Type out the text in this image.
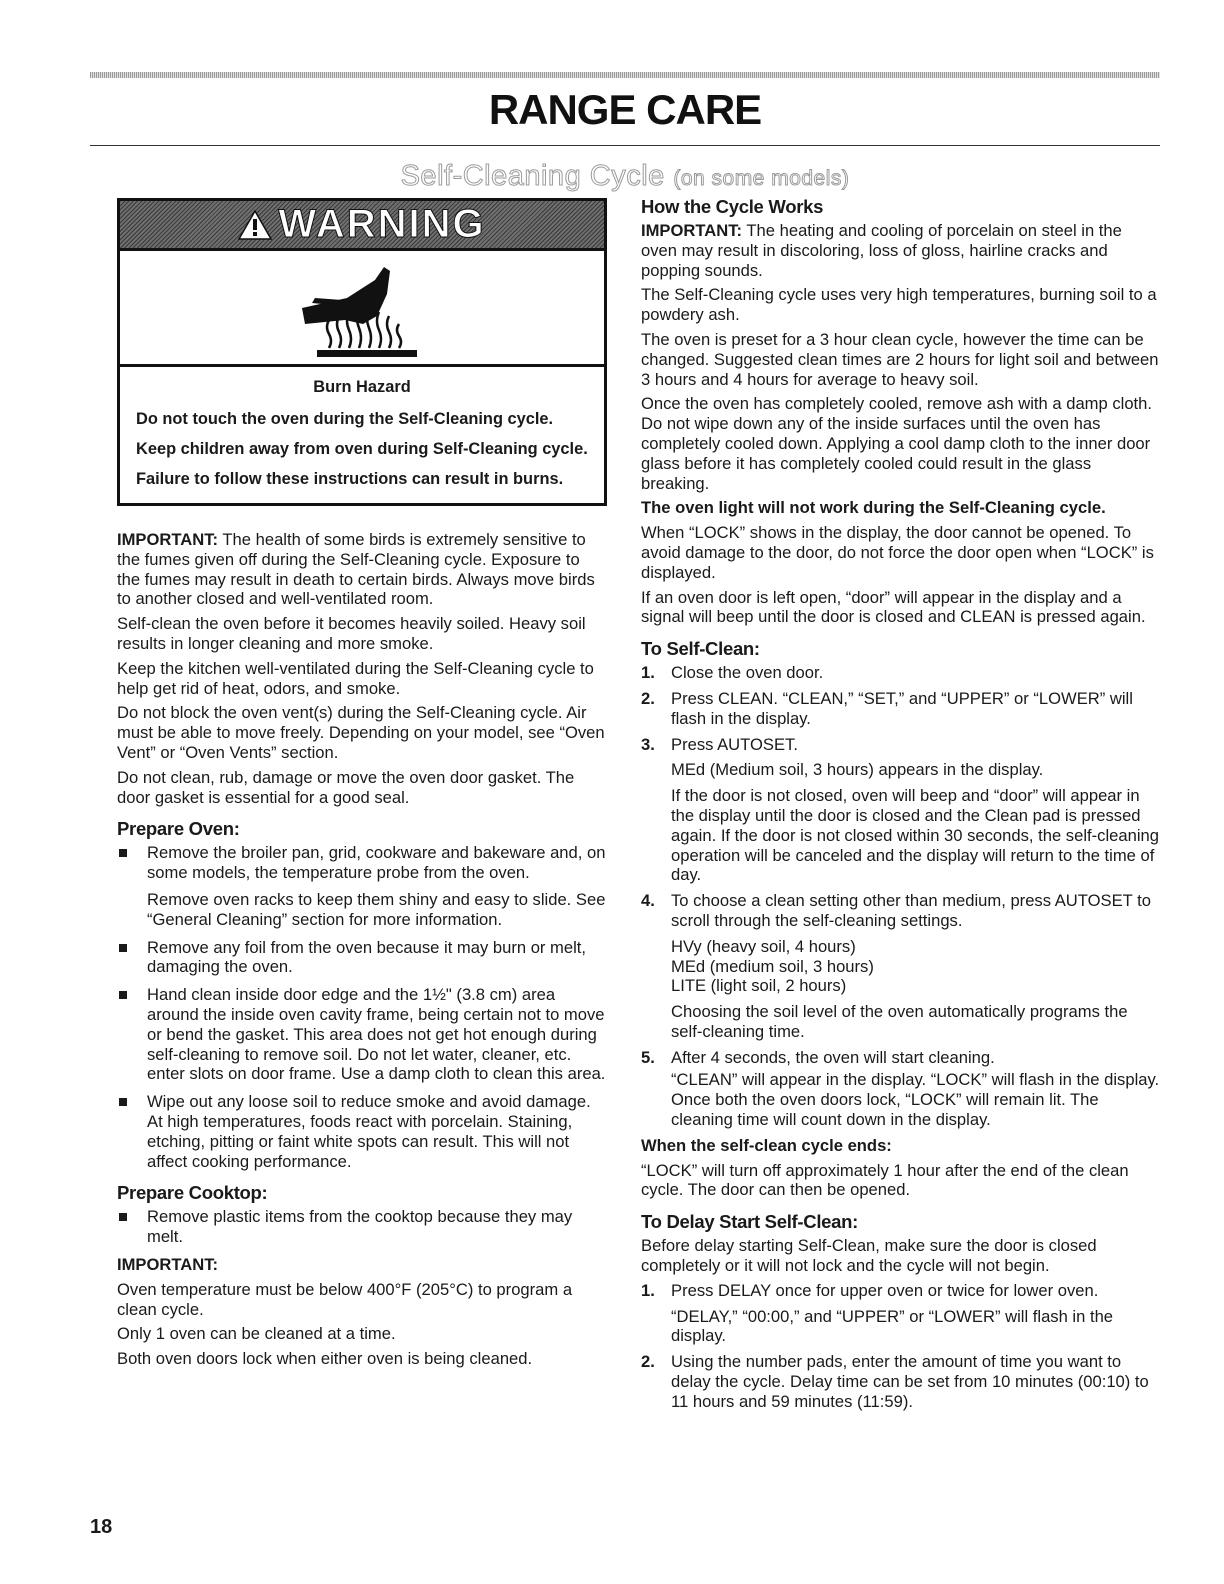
RANGE CARE
Self-Cleaning Cycle (on some models)
WARNING
Burn Hazard

Do not touch the oven during the Self-Cleaning cycle.

Keep children away from oven during Self-Cleaning cycle.

Failure to follow these instructions can result in burns.

IMPORTANT: The health of some birds is extremely sensitive to the fumes given off during the Self-Cleaning cycle. Exposure to the fumes may result in death to certain birds. Always move birds to another closed and well-ventilated room.

Self-clean the oven before it becomes heavily soiled. Heavy soil results in longer cleaning and more smoke.

Keep the kitchen well-ventilated during the Self-Cleaning cycle to help get rid of heat, odors, and smoke.

Do not block the oven vent(s) during the Self-Cleaning cycle. Air must be able to move freely. Depending on your model, see “Oven Vent” or “Oven Vents” section.

Do not clean, rub, damage or move the oven door gasket. The door gasket is essential for a good seal.

Prepare Oven:
Remove the broiler pan, grid, cookware and bakeware and, on some models, the temperature probe from the oven.
Remove oven racks to keep them shiny and easy to slide. See “General Cleaning” section for more information.
Remove any foil from the oven because it may burn or melt, damaging the oven.
Hand clean inside door edge and the 1½" (3.8 cm) area around the inside oven cavity frame, being certain not to move or bend the gasket. This area does not get hot enough during self-cleaning to remove soil. Do not let water, cleaner, etc. enter slots on door frame. Use a damp cloth to clean this area.
Wipe out any loose soil to reduce smoke and avoid damage. At high temperatures, foods react with porcelain. Staining, etching, pitting or faint white spots can result. This will not affect cooking performance.
Prepare Cooktop:
Remove plastic items from the cooktop because they may melt.
IMPORTANT:

Oven temperature must be below 400°F (205°C) to program a clean cycle.

Only 1 oven can be cleaned at a time.

Both oven doors lock when either oven is being cleaned.

How the Cycle Works

IMPORTANT: The heating and cooling of porcelain on steel in the oven may result in discoloring, loss of gloss, hairline cracks and popping sounds.

The Self-Cleaning cycle uses very high temperatures, burning soil to a powdery ash.

The oven is preset for a 3 hour clean cycle, however the time can be changed. Suggested clean times are 2 hours for light soil and between 3 hours and 4 hours for average to heavy soil.

Once the oven has completely cooled, remove ash with a damp cloth. Do not wipe down any of the inside surfaces until the oven has completely cooled down. Applying a cool damp cloth to the inner door glass before it has completely cooled could result in the glass breaking.

The oven light will not work during the Self-Cleaning cycle.

When “LOCK” shows in the display, the door cannot be opened. To avoid damage to the door, do not force the door open when “LOCK” is displayed.

If an oven door is left open, “door” will appear in the display and a signal will beep until the door is closed and CLEAN is pressed again.

To Self-Clean:
1. Close the oven door.
2. Press CLEAN. “CLEAN,” “SET,” and “UPPER” or “LOWER” will flash in the display.
3. Press AUTOSET.
MEd (Medium soil, 3 hours) appears in the display.
If the door is not closed, oven will beep and “door” will appear in the display until the door is closed and the Clean pad is pressed again. If the door is not closed within 30 seconds, the self-cleaning operation will be canceled and the display will return to the time of day.
4. To choose a clean setting other than medium, press AUTOSET to scroll through the self-cleaning settings.
HVy (heavy soil, 4 hours)
MEd (medium soil, 3 hours)
LITE (light soil, 2 hours)
Choosing the soil level of the oven automatically programs the self-cleaning time.
5. After 4 seconds, the oven will start cleaning.
“CLEAN” will appear in the display. “LOCK” will flash in the display. Once both the oven doors lock, “LOCK” will remain lit. The cleaning time will count down in the display.
When the self-clean cycle ends:

“LOCK” will turn off approximately 1 hour after the end of the clean cycle. The door can then be opened.

To Delay Start Self-Clean:

Before delay starting Self-Clean, make sure the door is closed completely or it will not lock and the cycle will not begin.

1. Press DELAY once for upper oven or twice for lower oven.
“DELAY,” “00:00,” and “UPPER” or “LOWER” will flash in the display.
2. Using the number pads, enter the amount of time you want to delay the cycle. Delay time can be set from 10 minutes (00:10) to 11 hours and 59 minutes (11:59).
18
